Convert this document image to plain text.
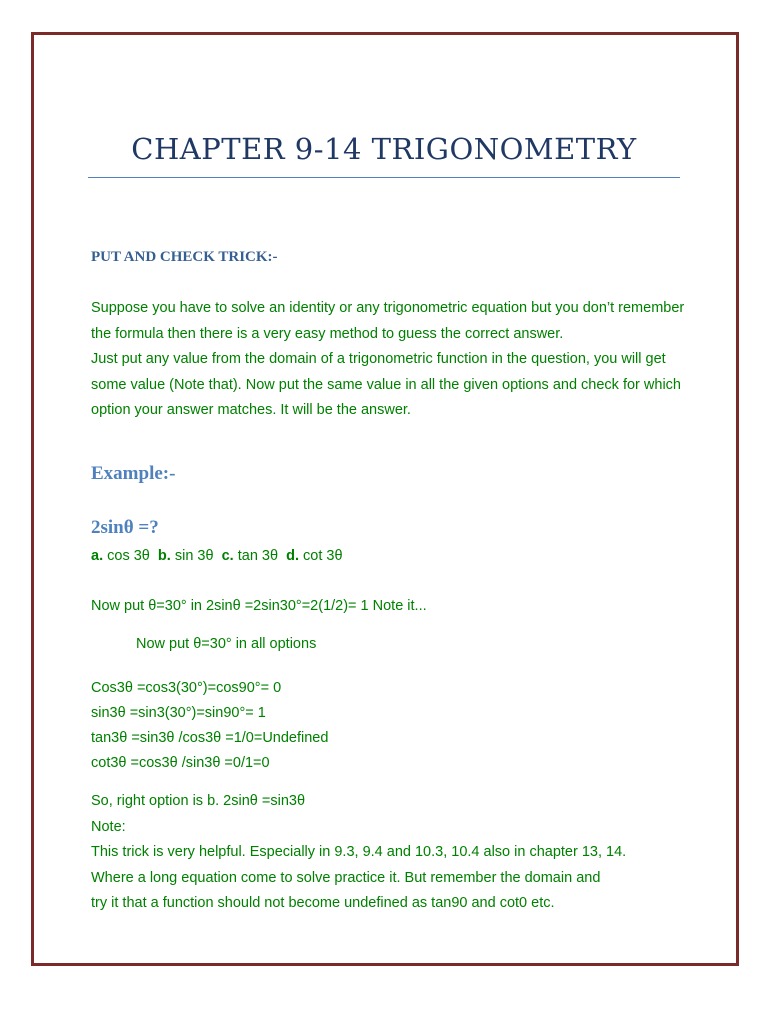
CHAPTER 9-14 TRIGONOMETRY
PUT AND CHECK TRICK:-

Suppose you have to solve an identity or any trigonometric equation but you don’t remember the formula then there is a very easy method to guess the correct answer.

Just put any value from the domain of a trigonometric function in the question, you will get some value (Note that). Now put the same value in all the given options and check for which option your answer matches. It will be the answer.

Example:-
2sinθ =?
a. cos 3θ b. sin 3θ c. tan 3θ d. cot 3θ
Now put θ=30° in 2sinθ =2sin30°=2(1/2)= 1 Note it...
Now put θ=30° in all options
Cos3θ =cos3(30°)=cos90°= 0
sin3θ =sin3(30°)=sin90°= 1
tan3θ =sin3θ /cos3θ =1/0=Undefined
cot3θ =cos3θ /sin3θ =0/1=0
So, right option is b. 2sinθ =sin3θ
Note:
This trick is very helpful. Especially in 9.3, 9.4 and 10.3, 10.4 also in chapter 13, 14.
Where a long equation come to solve practice it. But remember the domain and
try it that a function should not become undefined as tan90 and cot0 etc.
